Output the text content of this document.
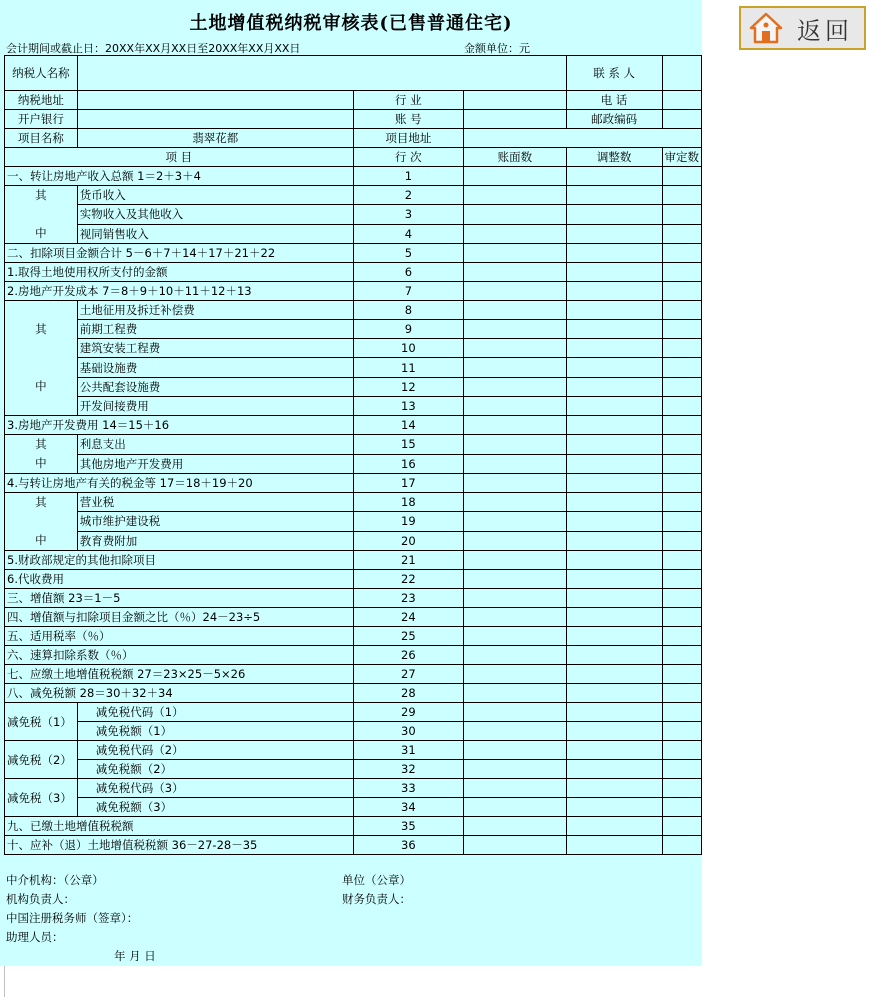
土地增值税纳税审核表(已售普通住宅)
会计期间或截止日：20XX年XX月XX日至20XX年XX月XX日	金额单位：元
纳税人名称				联 系 人	
纳税地址		行 业		电 话	
开户银行		账 号		邮政编码	
项目名称	翡翠花都	项目地址			
项 目		行 次	账面数	调整数	审定数
一、转让房地产收入总额 1＝2＋3＋4		1			

其
中	货币收入	2			
	实物收入及其他收入	3			
	视同销售收入	4			
二、扣除项目金额合计 5－6＋7＋14＋17＋21＋22		5			
1.取得土地使用权所支付的金额		6			
2.房地产开发成本 7＝8＋9＋10＋11＋12＋13		7			

其
中	土地征用及拆迁补偿费	8			
	前期工程费	9			
	建筑安装工程费	10			
	基础设施费	11			
	公共配套设施费	12			
	开发间接费用	13			
3.房地产开发费用 14＝15＋16		14			

其
中	利息支出	15			
	其他房地产开发费用	16			
4.与转让房地产有关的税金等 17＝18＋19＋20		17			

其
中	营业税	18			
	城市维护建设税	19			
	教育费附加	20			
5.财政部规定的其他扣除项目		21			
6.代收费用		22			
三、增值额 23＝1－5		23			
四、增值额与扣除项目金额之比（％）24－23÷5		24			
五、适用税率（％）		25			
六、速算扣除系数（％）		26			
七、应缴土地增值税税额 27＝23×25－5×26		27			
八、减免税额 28＝30＋32＋34		28			
减免税（1）	减免税代码（1）	29			
	减免税额（1）	30			
减免税（2）	减免税代码（2）	31			
	减免税额（2）	32			
减免税（3）	减免税代码（3）	33			
	减免税额（3）	34			
九、已缴土地增值税税额		35			
十、应补（退）土地增值税税额 36－27-28－35		36			
中介机构：（公章）	单位（公章）
机构负责人：	财务负责人：
中国注册税务师（签章）：
助理人员：
年 月 日
返回
